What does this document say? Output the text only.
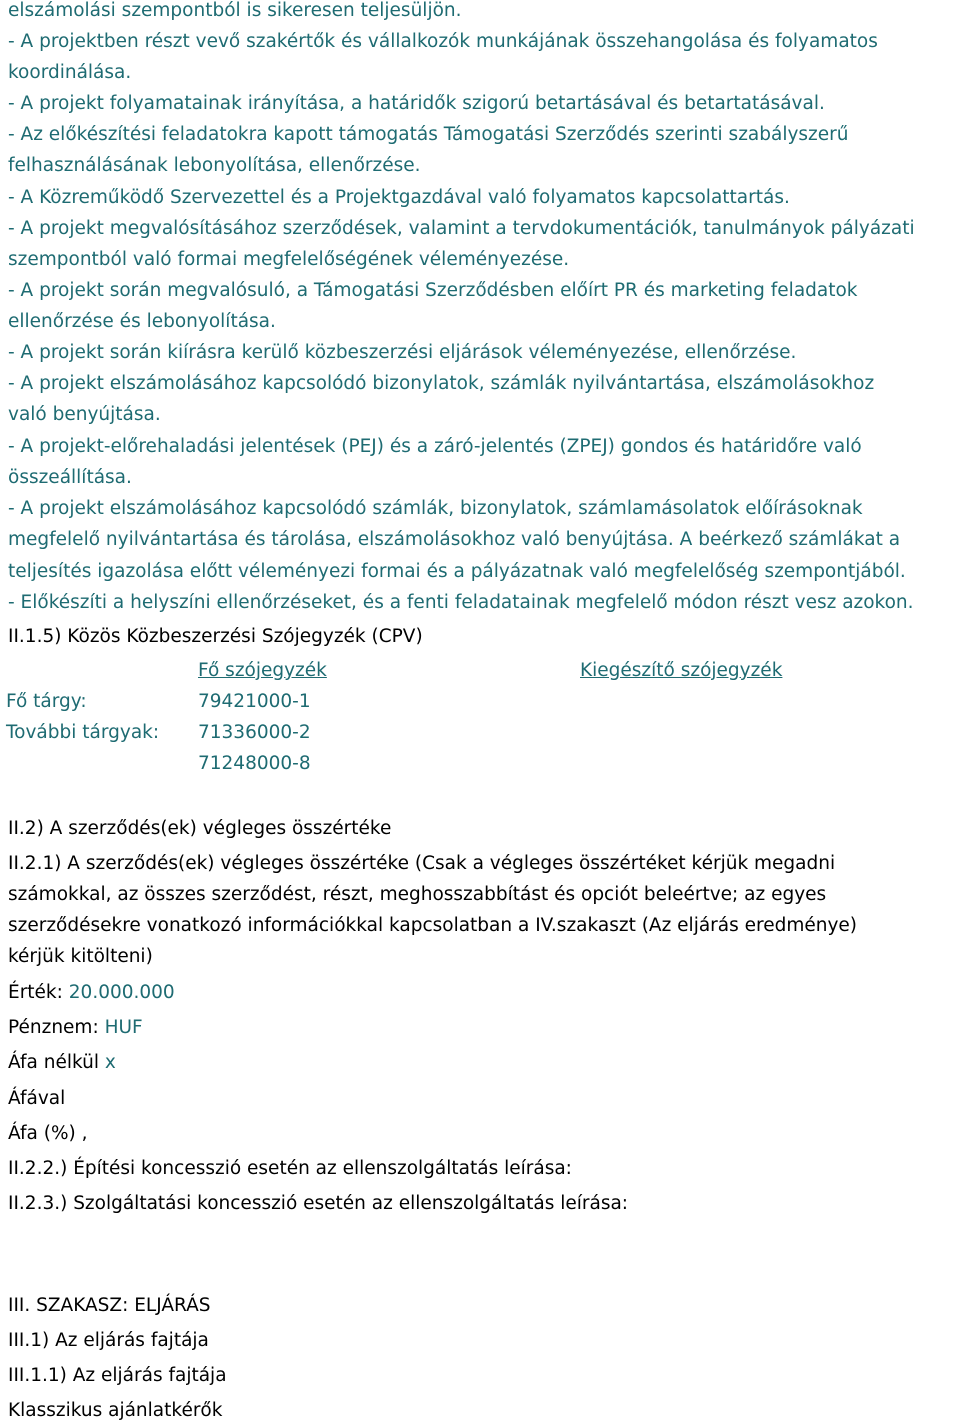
elszámolási szempontból is sikeresen teljesüljön.
- A projektben részt vevő szakértők és vállalkozók munkájának összehangolása és folyamatos
koordinálása.
- A projekt folyamatainak irányítása, a határidők szigorú betartásával és betartatásával.
- Az előkészítési feladatokra kapott támogatás Támogatási Szerződés szerinti szabályszerű
felhasználásának lebonyolítása, ellenőrzése.
- A Közreműködő Szervezettel és a Projektgazdával való folyamatos kapcsolattartás.
- A projekt megvalósításához szerződések, valamint a tervdokumentációk, tanulmányok pályázati
szempontból való formai megfelelőségének véleményezése.
- A projekt során megvalósuló, a Támogatási Szerződésben előírt PR és marketing feladatok
ellenőrzése és lebonyolítása.
- A projekt során kiírásra kerülő közbeszerzési eljárások véleményezése, ellenőrzése.
- A projekt elszámolásához kapcsolódó bizonylatok, számlák nyilvántartása, elszámolásokhoz
való benyújtása.
- A projekt-előrehaladási jelentések (PEJ) és a záró-jelentés (ZPEJ) gondos és határidőre való
összeállítása.
- A projekt elszámolásához kapcsolódó számlák, bizonylatok, számlamásolatok előírásoknak
megfelelő nyilvántartása és tárolása, elszámolásokhoz való benyújtása. A beérkező számlákat a
teljesítés igazolása előtt véleményezi formai és a pályázatnak való megfelelőség szempontjából.
- Előkészíti a helyszíni ellenőrzéseket, és a fenti feladatainak megfelelő módon részt vesz azokon.
II.1.5) Közös Közbeszerzési Szójegyzék (CPV)
Fő szójegyzék	Kiegészítő szójegyzék
Fő tárgy:	79421000-1
További tárgyak: 71336000-2
71248000-8
II.2) A szerződés(ek) végleges összértéke
II.2.1) A szerződés(ek) végleges összértéke (Csak a végleges összértéket kérjük megadni
számokkal, az összes szerződést, részt, meghosszabbítást és opciót beleértve; az egyes
szerződésekre vonatkozó információkkal kapcsolatban a IV.szakaszt (Az eljárás eredménye)
kérjük kitölteni)
Érték: 20.000.000
Pénznem: HUF
Áfa nélkül x
Áfával
Áfa (%) ,
II.2.2.) Építési koncesszió esetén az ellenszolgáltatás leírása:
II.2.3.) Szolgáltatási koncesszió esetén az ellenszolgáltatás leírása:
III. SZAKASZ: ELJÁRÁS
III.1) Az eljárás fajtája
III.1.1) Az eljárás fajtája
Klasszikus ajánlatkérők
